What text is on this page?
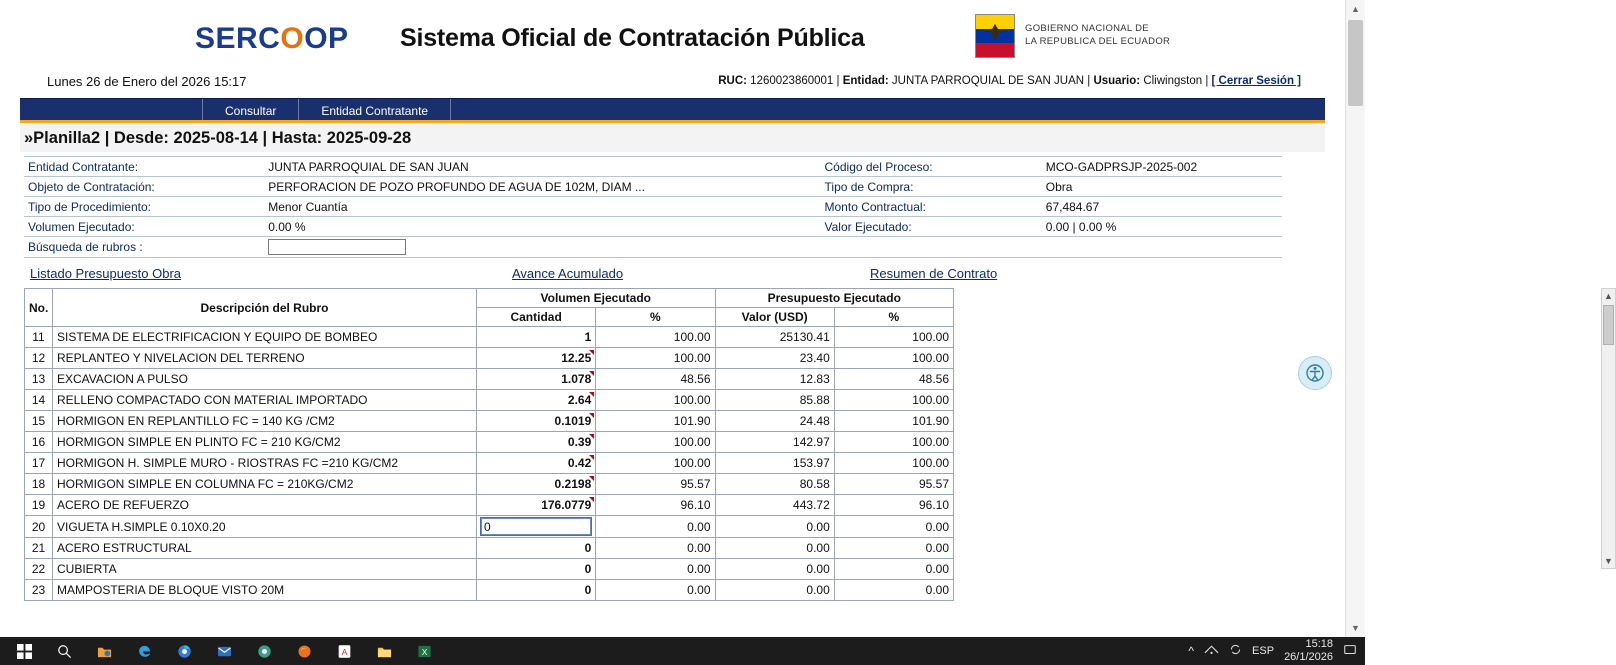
SERCOOP Sistema Oficial de Contratación Pública	GOBIERNO NACIONAL DE
LA REPUBLICA DEL ECUADOR
Lunes 26 de Enero del 2026 15:17	RUC: 1260023860001 | Entidad: JUNTA PARROQUIAL DE SAN JUAN | Usuario: Cliwingston | [ Cerrar Sesión ]
Consultar	Entidad Contratante
»Planilla2 | Desde: 2025-08-14 | Hasta: 2025-09-28
Entidad Contratante:	JUNTA PARROQUIAL DE SAN JUAN	Código del Proceso:	MCO-GADPRSJP-2025-002
Objeto de Contratación:	PERFORACION DE POZO PROFUNDO DE AGUA DE 102M, DIAM ...	Tipo de Compra:	Obra
Tipo de Procedimiento:	Menor Cuantía	Monto Contractual:	67,484.67
Volumen Ejecutado:	0.00 %	Valor Ejecutado:	0.00 | 0.00 %
Búsqueda de rubros :			
Listado Presupuesto Obra	Avance Acumulado	Resumen de Contrato
No.	Descripción del Rubro	Volumen Ejecutado		Presupuesto Ejecutado	
		Cantidad	%	Valor (USD)	%
11	SISTEMA DE ELECTRIFICACION Y EQUIPO DE BOMBEO	1	100.00	25130.41	100.00
12	REPLANTEO Y NIVELACION DEL TERRENO	12.25	100.00	23.40	100.00
13	EXCAVACION A PULSO	1.078	48.56	12.83	48.56
14	RELLENO COMPACTADO CON MATERIAL IMPORTADO	2.64	100.00	85.88	100.00
15	HORMIGON EN REPLANTILLO FC = 140 KG /CM2	0.1019	101.90	24.48	101.90
16	HORMIGON SIMPLE EN PLINTO FC = 210 KG/CM2	0.39	100.00	142.97	100.00
17	HORMIGON H. SIMPLE MURO - RIOSTRAS FC =210 KG/CM2	0.42	100.00	153.97	100.00
18	HORMIGON SIMPLE EN COLUMNA FC = 210KG/CM2	0.2198	95.57	80.58	95.57
19	ACERO DE REFUERZO	176.0779	96.10	443.72	96.10
20	VIGUETA H.SIMPLE 0.10X0.20	0	0.00	0.00	0.00
21	ACERO ESTRUCTURAL	0	0.00	0.00	0.00
22	CUBIERTA	0	0.00	0.00	0.00
23	MAMPOSTERIA DE BLOQUE VISTO 20M	0	0.00	0.00	0.00
▲
▼
▲
▼
A	X	^	ESP
15:18
26/1/2026
